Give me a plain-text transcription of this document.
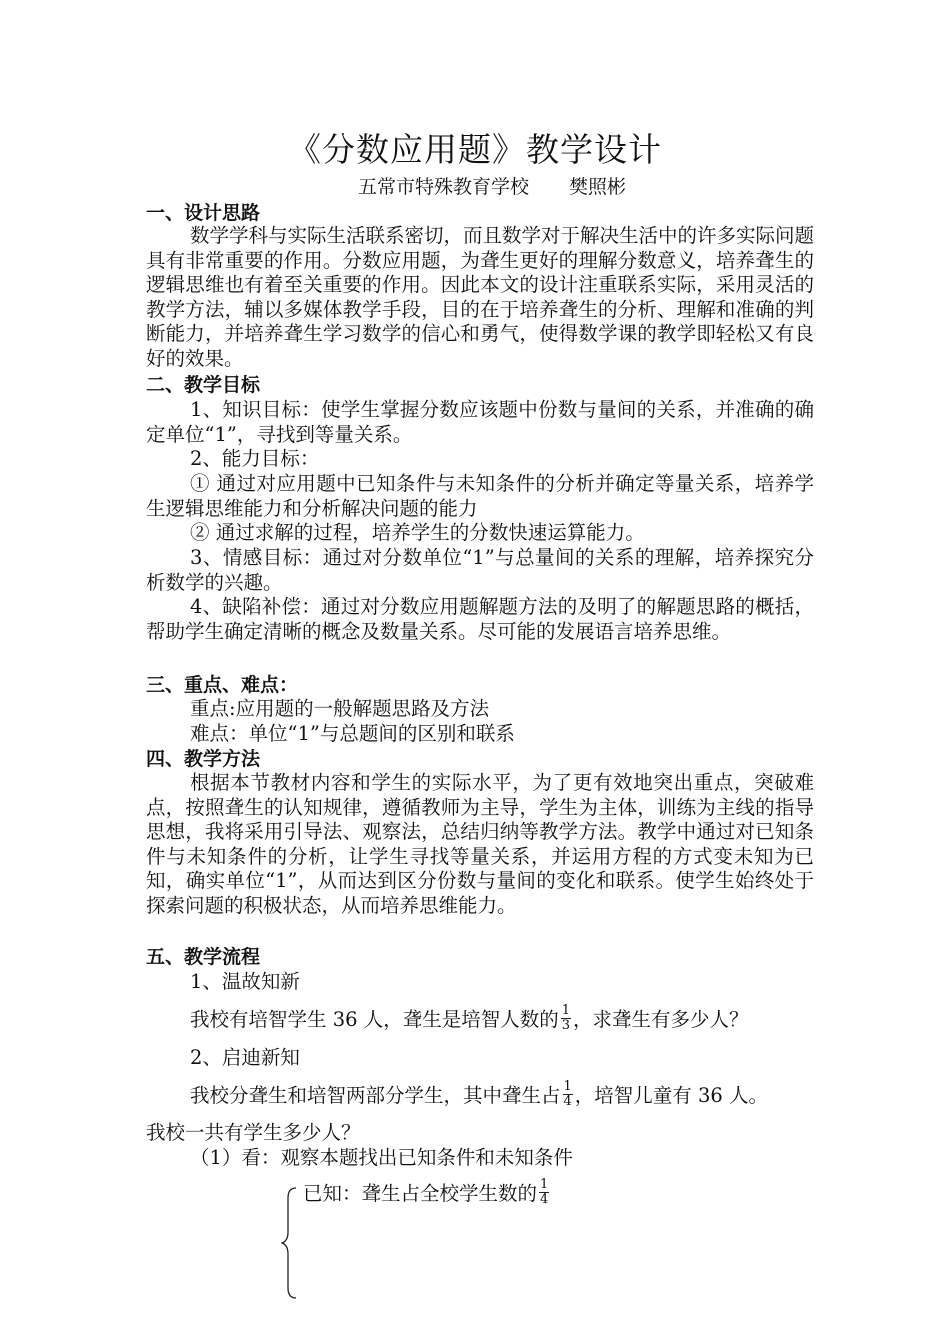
《分数应用题》教学设计
五常市特殊教育学校 樊照彬
一、设计思路

数学学科与实际生活联系密切，而且数学对于解决生活中的许多实际问题具有非常重要的作用。分数应用题，为聋生更好的理解分数意义，培养聋生的逻辑思维也有着至关重要的作用。因此本文的设计注重联系实际，采用灵活的教学方法，辅以多媒体教学手段，目的在于培养聋生的分析、理解和准确的判断能力，并培养聋生学习数学的信心和勇气，使得数学课的教学即轻松又有良好的效果。

二、教学目标

1、知识目标：使学生掌握分数应该题中份数与量间的关系，并准确的确定单位“1”，寻找到等量关系。

2、能力目标：

① 通过对应用题中已知条件与未知条件的分析并确定等量关系，培养学生逻辑思维能力和分析解决问题的能力

② 通过求解的过程，培养学生的分数快速运算能力。

3、情感目标：通过对分数单位“1”与总量间的关系的理解，培养探究分析数学的兴趣。

4、缺陷补偿：通过对分数应用题解题方法的及明了的解题思路的概括，帮助学生确定清晰的概念及数量关系。尽可能的发展语言培养思维。

三、重点、难点：
重点:应用题的一般解题思路及方法
难点：单位“1”与总题间的区别和联系
四、教学方法

根据本节教材内容和学生的实际水平，为了更有效地突出重点，突破难点，按照聋生的认知规律，遵循教师为主导，学生为主体，训练为主线的指导思想，我将采用引导法、观察法，总结归纳等教学方法。教学中通过对已知条件与未知条件的分析，让学生寻找等量关系，并运用方程的方式变未知为已知，确实单位“1”，从而达到区分份数与量间的变化和联系。使学生始终处于探索问题的积极状态，从而培养思维能力。

五、教学流程
1、温故知新
我校有培智学生 36 人，聋生是培智人数的 $\frac{1}{3}$ ，求聋生有多少人？
2、启迪新知
我校分聋生和培智两部分学生，其中聋生占 $\frac{1}{4}$ ，培智儿童有 36 人。
我校一共有学生多少人？
（1）看：观察本题找出已知条件和未知条件
已知：聋生占全校学生数的 $\frac{1}{4}$
